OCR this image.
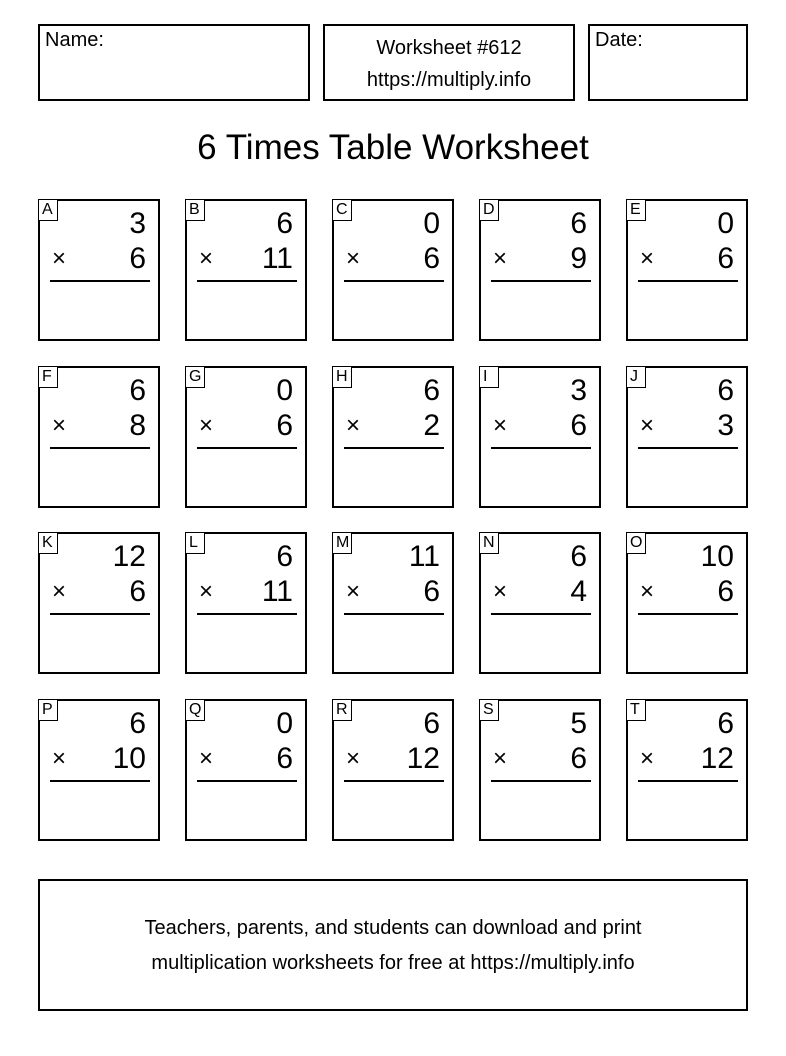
Name:	Worksheet #612
https://multiply.info
Date:
6 Times Table Worksheet
A	3
× 6
B	6
× 11
C	0
× 6
D	6
× 9
E	0
× 6
F	6
× 8
G 0
× 6
H	6
× 2
I	3
× 6
J	6
× 3
K 12
× 6
L	6
× 11
M 11
× 6
N	6
× 4
O 10
× 6
P	6
× 10
Q 0
× 6
R	6
× 12
S	5
× 6
T	6
× 12
Teachers, parents, and students can download and print
multiplication worksheets for free at https://multiply.info
